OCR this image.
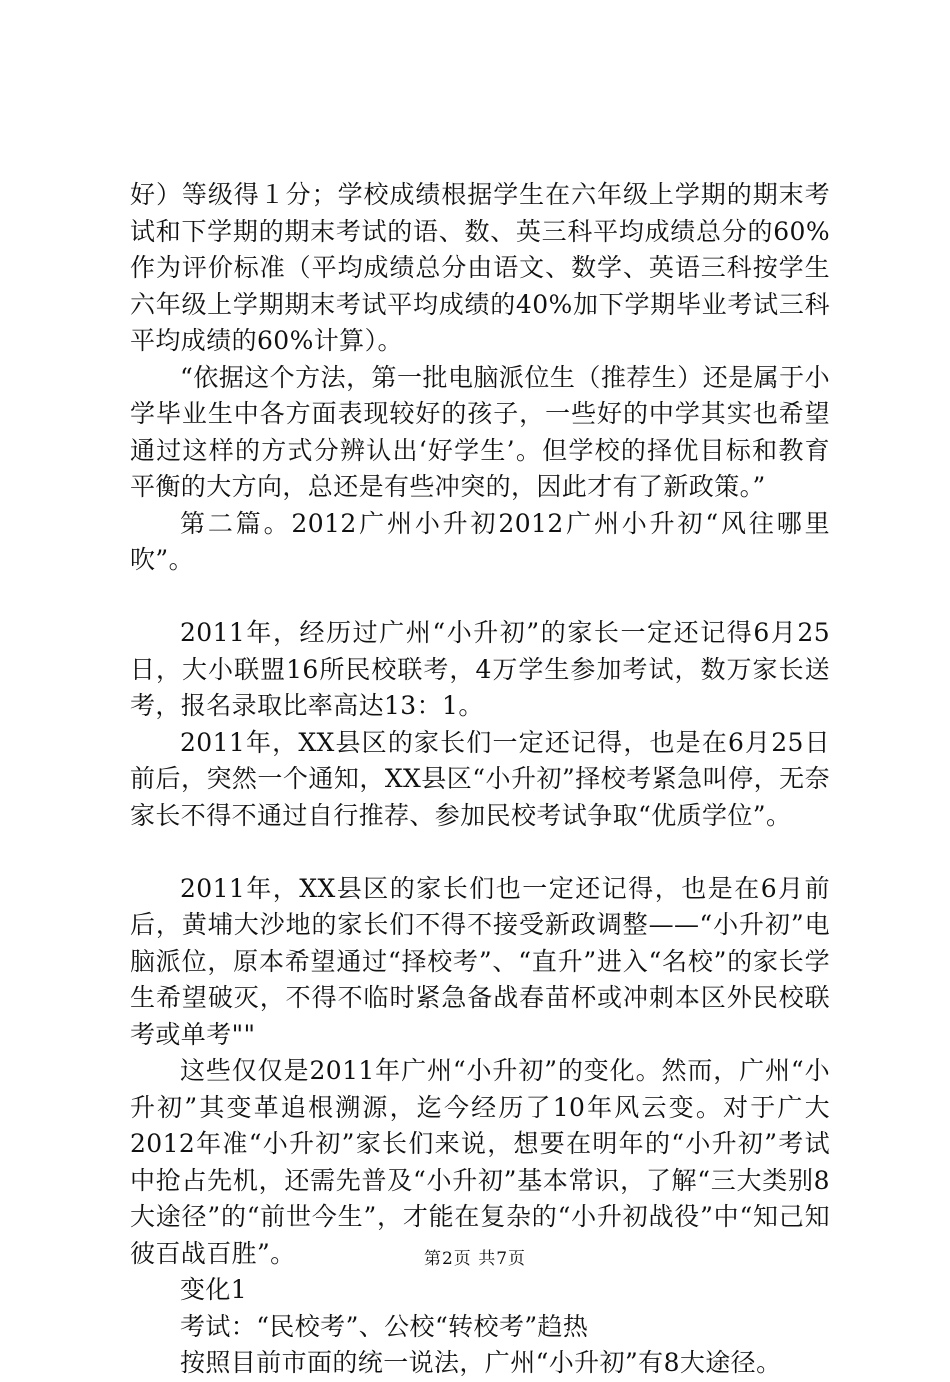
好）等级得１分；学校成绩根据学生在六年级上学期的期末考试和下学期的期末考试的语、数、英三科平均成绩总分的60%作为评价标准（平均成绩总分由语文、数学、英语三科按学生六年级上学期期末考试平均成绩的40%加下学期毕业考试三科平均成绩的60%计算）。

“依据这个方法，第一批电脑派位生（推荐生）还是属于小学毕业生中各方面表现较好的孩子，一些好的中学其实也希望通过这样的方式分辨认出‘好学生’。但学校的择优目标和教育平衡的大方向，总还是有些冲突的，因此才有了新政策。”

第二篇。2012广州小升初2012广州小升初“风往哪里吹”。

2011年，经历过广州“小升初”的家长一定还记得6月25日，大小联盟16所民校联考，4万学生参加考试，数万家长送考，报名录取比率高达13：1。

2011年，XX县区的家长们一定还记得，也是在6月25日前后，突然一个通知，XX县区“小升初”择校考紧急叫停，无奈家长不得不通过自行推荐、参加民校考试争取“优质学位”。

2011年，XX县区的家长们也一定还记得，也是在6月前后，黄埔大沙地的家长们不得不接受新政调整——“小升初”电脑派位，原本希望通过“择校考”、“直升”进入“名校”的家长学生希望破灭，不得不临时紧急备战春苗杯或冲刺本区外民校联考或单考""

这些仅仅是2011年广州“小升初”的变化。然而，广州“小升初”其变革追根溯源，迄今经历了10年风云变。对于广大2012年准“小升初”家长们来说，想要在明年的“小升初”考试中抢占先机，还需先普及“小升初”基本常识，了解“三大类别8大途径”的“前世今生”，才能在复杂的“小升初战役”中“知己知彼百战百胜”。

变化1

考试：“民校考”、公校“转校考”趋热

按照目前市面的统一说法，广州“小升初”有8大途径。

第2页 共7页
